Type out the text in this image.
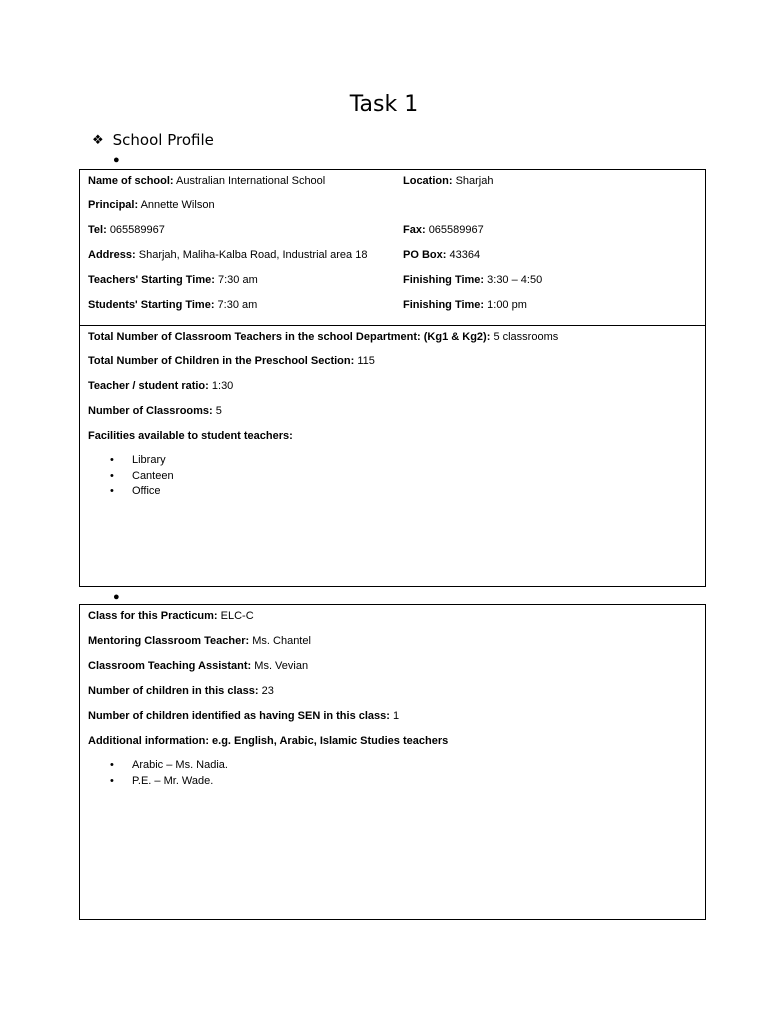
Task 1
❖ School Profile
●
Name of school: Australian International School	Location: Sharjah
Principal: Annette Wilson
Tel: 065589967	Fax: 065589967
Address: Sharjah, Maliha-Kalba Road, Industrial area 18	PO Box: 43364
Teachers' Starting Time: 7:30 am	Finishing Time: 3:30 – 4:50
Students' Starting Time: 7:30 am	Finishing Time: 1:00 pm
Total Number of Classroom Teachers in the school Department: (Kg1 & Kg2): 5 classrooms
Total Number of Children in the Preschool Section: 115
Teacher / student ratio: 1:30
Number of Classrooms: 5
Facilities available to student teachers:
• Library
• Canteen
• Office
●
Class for this Practicum: ELC-C
Mentoring Classroom Teacher: Ms. Chantel
Classroom Teaching Assistant: Ms. Vevian
Number of children in this class: 23
Number of children identified as having SEN in this class: 1
Additional information: e.g. English, Arabic, Islamic Studies teachers
• Arabic – Ms. Nadia.
• P.E. – Mr. Wade.
